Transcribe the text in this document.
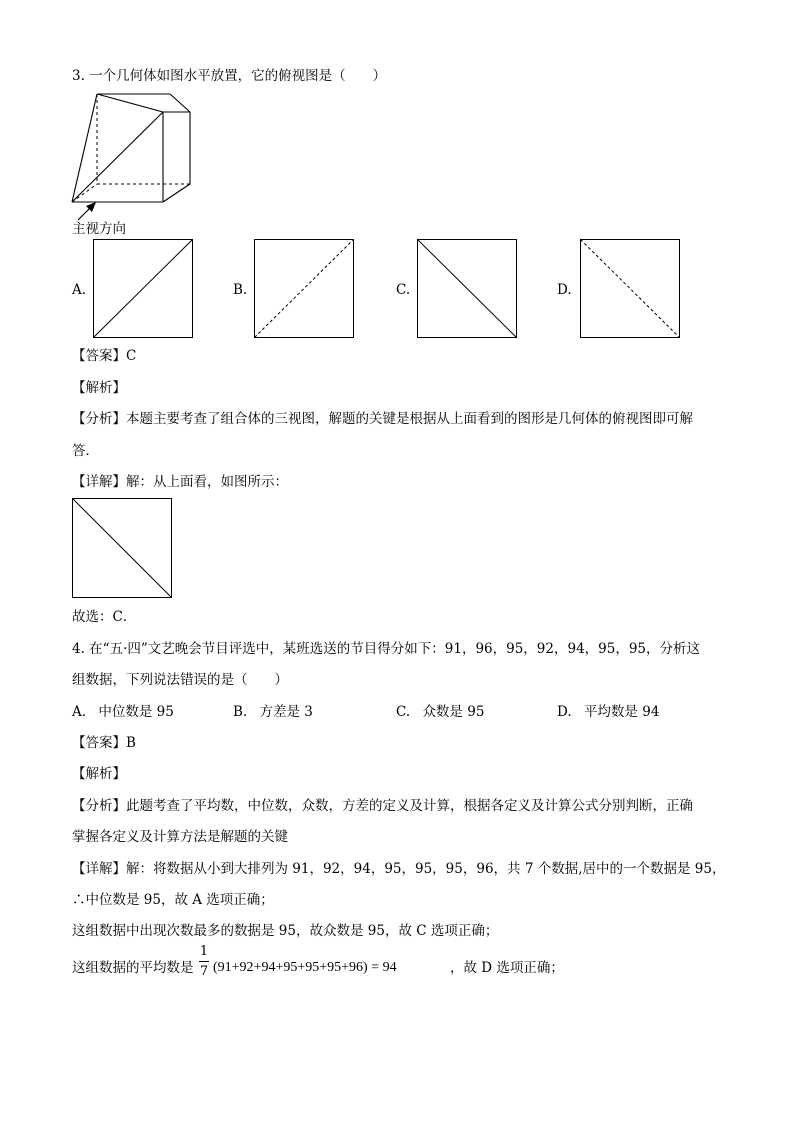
3. 一个几何体如图水平放置，它的俯视图是（　　）
主视方向
A.	B.	C.	D.
【答案】C
【解析】
【分析】本题主要考查了组合体的三视图，解题的关键是根据从上面看到的图形是几何体的俯视图即可解
答．
【详解】解：从上面看，如图所示：
故选：C．
4. 在“五·四”文艺晚会节目评选中，某班选送的节目得分如下：91，96，95，92，94，95，95，分析这
组数据，下列说法错误的是（　　）
A. 中位数是 95	B. 方差是 3	C. 众数是 95	D. 平均数是 94
【答案】B
【解析】
【分析】此题考查了平均数，中位数，众数，方差的定义及计算，根据各定义及计算公式分别判断，正确
掌握各定义及计算方法是解题的关键
【详解】解：将数据从小到大排列为 91，92，94，95，95，95，96，共 7 个数据,居中的一个数据是 95，
∴中位数是 95，故 A 选项正确；
这组数据中出现次数最多的数据是 95，故众数是 95，故 C 选项正确；
这组数据的平均数是
1
7 (91+92+94+95+95+95+96) = 94	，故 D 选项正确；
